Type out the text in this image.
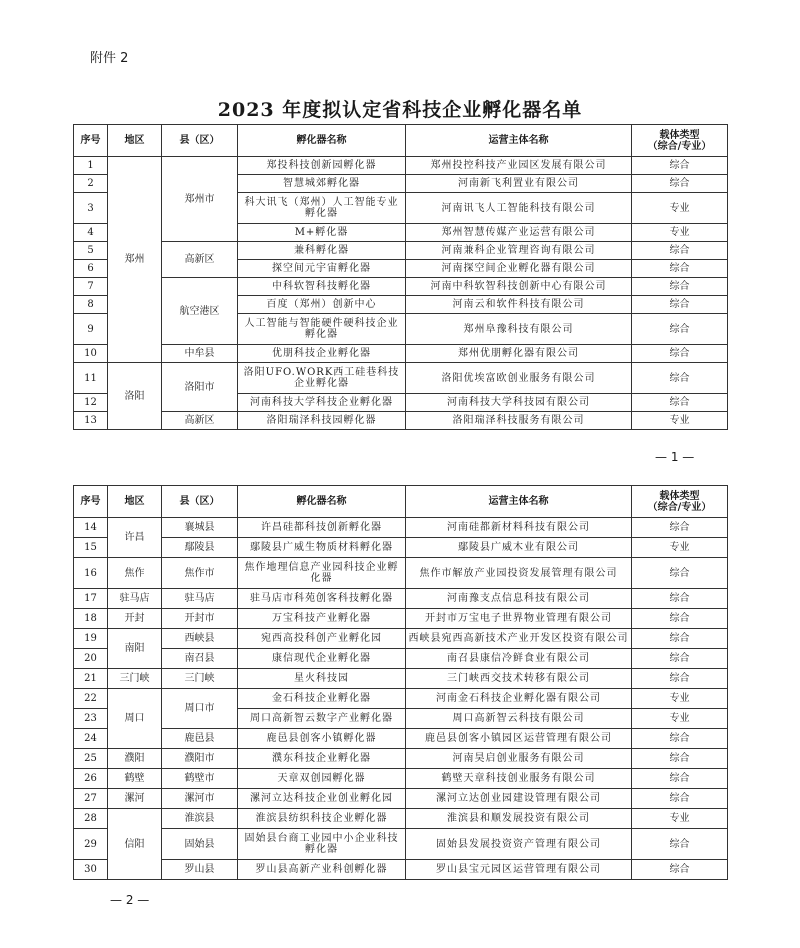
附件 2
2023 年度拟认定省科技企业孵化器名单
序号	地区	县（区）	孵化器名称	运营主体名称	载体类型
（综合/专业）

1	郑州	郑州市	郑投科技创新园孵化器	郑州投控科技产业园区发展有限公司	综合
2			智慧城郊孵化器	河南新飞利置业有限公司	综合
3			科大讯飞（郑州）人工智能专业孵化器	河南讯飞人工智能科技有限公司	专业
4			M+孵化器	郑州智慧传媒产业运营有限公司	专业
5		高新区	兼科孵化器	河南兼科企业管理咨询有限公司	综合
6			探空间元宇宙孵化器	河南探空间企业孵化器有限公司	综合
7		航空港区	中科软智科技孵化器	河南中科软智科技创新中心有限公司	综合
8			百度（郑州）创新中心	河南云和软件科技有限公司	综合
9			人工智能与智能硬件硬科技企业孵化器	郑州阜豫科技有限公司	综合
10		中牟县	优朋科技企业孵化器	郑州优朋孵化器有限公司	综合
11	洛阳	洛阳市	洛阳UFO.WORK西工硅巷科技企业孵化器	洛阳优埃富欧创业服务有限公司	综合
12			河南科技大学科技企业孵化器	河南科技大学科技园有限公司	综合
13		高新区	洛阳瑞泽科技园孵化器	洛阳瑞泽科技服务有限公司	专业
— 1 —
序号	地区	县（区）	孵化器名称	运营主体名称	载体类型
（综合/专业）

14	许昌	襄城县	许昌硅都科技创新孵化器	河南硅都新材料科技有限公司	综合
15		鄢陵县	鄢陵县广威生物质材料孵化器	鄢陵县广威木业有限公司	专业
16	焦作	焦作市	焦作地理信息产业园科技企业孵化器	焦作市解放产业园投资发展管理有限公司	综合
17	驻马店	驻马店	驻马店市科苑创客科技孵化器	河南豫支点信息科技有限公司	综合
18	开封	开封市	万宝科技产业孵化器	开封市万宝电子世界物业管理有限公司	综合
19	南阳	西峡县	宛西高投科创产业孵化园	西峡县宛西高新技术产业开发区投资有限公司	综合
20		南召县	康信现代企业孵化器	南召县康信冷鲜食业有限公司	综合
21	三门峡	三门峡	星火科技园	三门峡西交技术转移有限公司	综合
22	周口	周口市	金石科技企业孵化器	河南金石科技企业孵化器有限公司	专业
23			周口高新智云数字产业孵化器	周口高新智云科技有限公司	专业
24		鹿邑县	鹿邑县创客小镇孵化器	鹿邑县创客小镇园区运营管理有限公司	综合
25	濮阳	濮阳市	濮东科技企业孵化器	河南昊启创业服务有限公司	综合
26	鹤壁	鹤壁市	天章双创园孵化器	鹤壁天章科技创业服务有限公司	综合
27	漯河	漯河市	漯河立达科技企业创业孵化园	漯河立达创业园建设管理有限公司	综合
28	信阳	淮滨县	淮滨县纺织科技企业孵化器	淮滨县和顺发展投资有限公司	专业
29		固始县	固始县台商工业园中小企业科技孵化器	固始县发展投资资产管理有限公司	综合
30		罗山县	罗山县高新产业科创孵化器	罗山县宝元园区运营管理有限公司	综合
— 2 —
